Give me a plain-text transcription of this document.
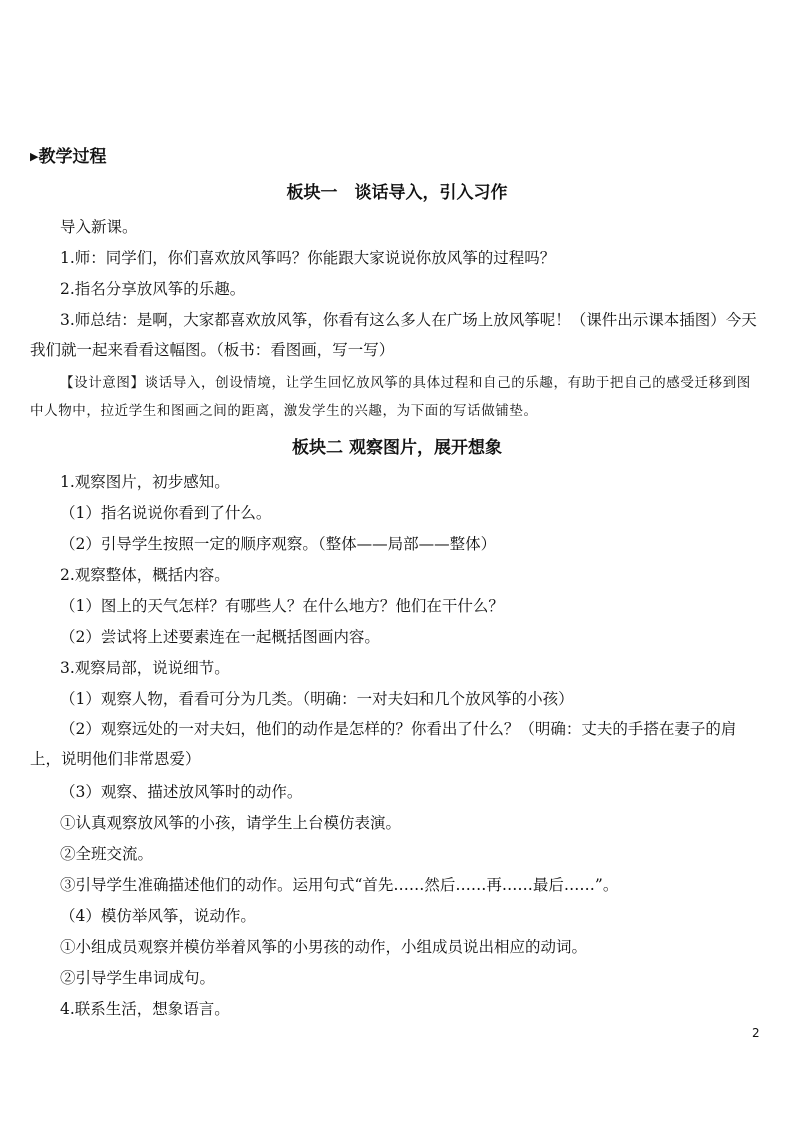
▶教学过程
板块一　谈话导入，引入习作
导入新课。
1.师：同学们，你们喜欢放风筝吗？你能跟大家说说你放风筝的过程吗？
2.指名分享放风筝的乐趣。
3.师总结：是啊，大家都喜欢放风筝，你看有这么多人在广场上放风筝呢！（课件出示课本插图）今天我们就一起来看看这幅图。（板书：看图画，写一写）
【设计意图】谈话导入，创设情境，让学生回忆放风筝的具体过程和自己的乐趣，有助于把自己的感受迁移到图中人物中，拉近学生和图画之间的距离，激发学生的兴趣，为下面的写话做铺垫。
板块二 观察图片，展开想象
1.观察图片，初步感知。
（1）指名说说你看到了什么。
（2）引导学生按照一定的顺序观察。（整体——局部——整体）
2.观察整体，概括内容。
（1）图上的天气怎样？有哪些人？在什么地方？他们在干什么？
（2）尝试将上述要素连在一起概括图画内容。
3.观察局部，说说细节。
（1）观察人物，看看可分为几类。（明确：一对夫妇和几个放风筝的小孩）
（2）观察远处的一对夫妇，他们的动作是怎样的？你看出了什么？（明确：丈夫的手搭在妻子的肩上，说明他们非常恩爱）
（3）观察、描述放风筝时的动作。
①认真观察放风筝的小孩，请学生上台模仿表演。
②全班交流。
③引导学生准确描述他们的动作。运用句式“首先……然后……再……最后……”。
（4）模仿举风筝，说动作。
①小组成员观察并模仿举着风筝的小男孩的动作，小组成员说出相应的动词。
②引导学生串词成句。
4.联系生活，想象语言。
2
